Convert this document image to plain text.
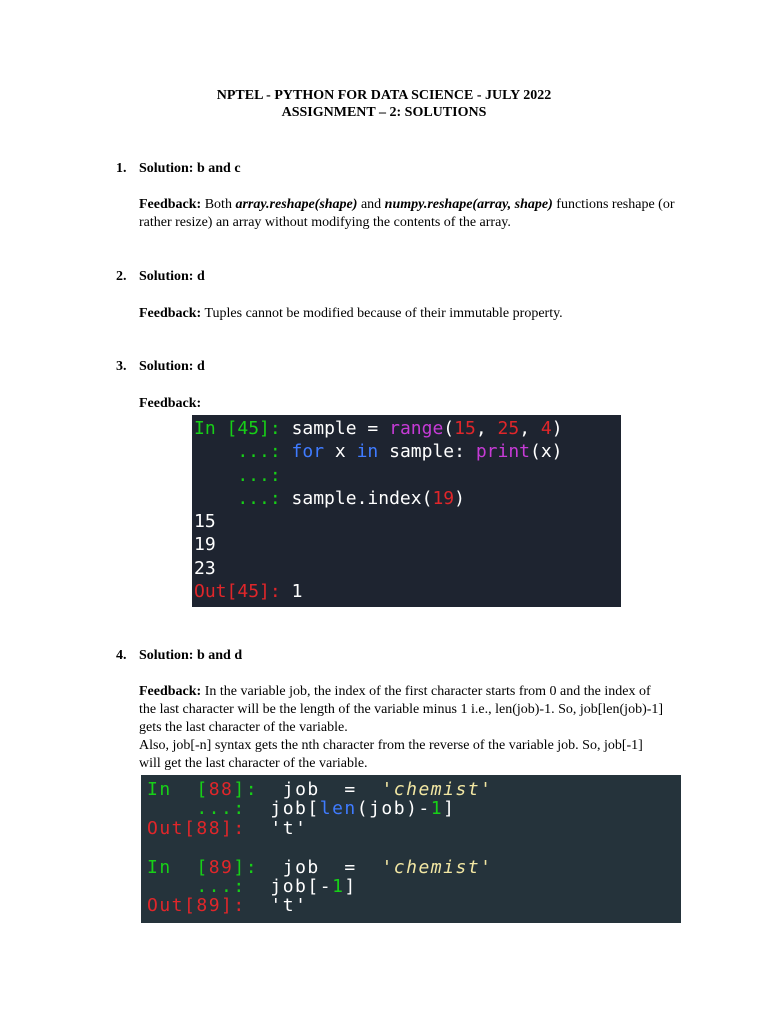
NPTEL - PYTHON FOR DATA SCIENCE - JULY 2022
ASSIGNMENT – 2: SOLUTIONS
1. Solution: b and c
Feedback: Both array.reshape(shape) and numpy.reshape(array, shape) functions reshape (or rather resize) an array without modifying the contents of the array.
2. Solution: d
Feedback: Tuples cannot be modified because of their immutable property.
3. Solution: d
Feedback:
In [45]: sample = range(15, 25, 4)
...: for x in sample: print(x)
...:
...: sample.index(19)
15
19
23
Out[45]: 1
4. Solution: b and d
Feedback: In the variable job, the index of the first character starts from 0 and the index of the last character will be the length of the variable minus 1 i.e., len(job)-1. So, job[len(job)-1] gets the last character of the variable.
Also, job[-n] syntax gets the nth character from the reverse of the variable job. So, job[-1] will get the last character of the variable.
In  [88]:  job  =  'chemist'
...:  job[len(job)-1]
Out[88]:  't'
In  [89]:  job  =  'chemist'
...:  job[-1]
Out[89]:  't'
